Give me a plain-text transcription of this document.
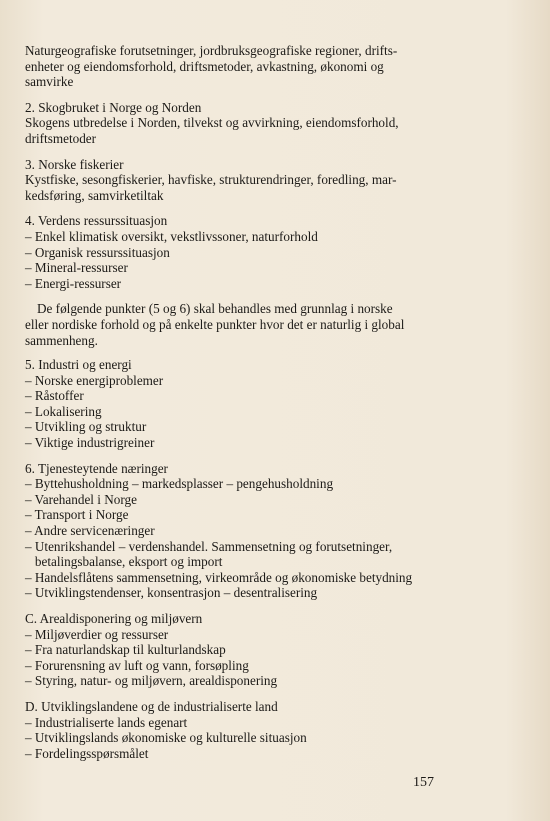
Naturgeografiske forutsetninger, jordbruksgeografiske regioner, drifts-
enheter og eiendomsforhold, driftsmetoder, avkastning, økonomi og
samvirke
2. Skogbruket i Norge og Norden
Skogens utbredelse i Norden, tilvekst og avvirkning, eiendomsforhold,
driftsmetoder
3. Norske fiskerier
Kystfiske, sesongfiskerier, havfiske, strukturendringer, foredling, mar-
kedsføring, samvirketiltak
4. Verdens ressurssituasjon
– Enkel klimatisk oversikt, vekstlivssoner, naturforhold
– Organisk ressurssituasjon
– Mineral-ressurser
– Energi-ressurser
De følgende punkter (5 og 6) skal behandles med grunnlag i norske
eller nordiske forhold og på enkelte punkter hvor det er naturlig i global
sammenheng.
5. Industri og energi
– Norske energiproblemer
– Råstoffer
– Lokalisering
– Utvikling og struktur
– Viktige industrigreiner
6. Tjenesteytende næringer
– Byttehusholdning – markedsplasser – pengehusholdning
– Varehandel i Norge
– Transport i Norge
– Andre servicenæringer
– Utenrikshandel – verdenshandel. Sammensetning og forutsetninger,
betalingsbalanse, eksport og import
– Handelsflåtens sammensetning, virkeområde og økonomiske betydning
– Utviklingstendenser, konsentrasjon – desentralisering
C. Arealdisponering og miljøvern
– Miljøverdier og ressurser
– Fra naturlandskap til kulturlandskap
– Forurensning av luft og vann, forsøpling
– Styring, natur- og miljøvern, arealdisponering
D. Utviklingslandene og de industrialiserte land
– Industrialiserte lands egenart
– Utviklingslands økonomiske og kulturelle situasjon
– Fordelingsspørsmålet
157
